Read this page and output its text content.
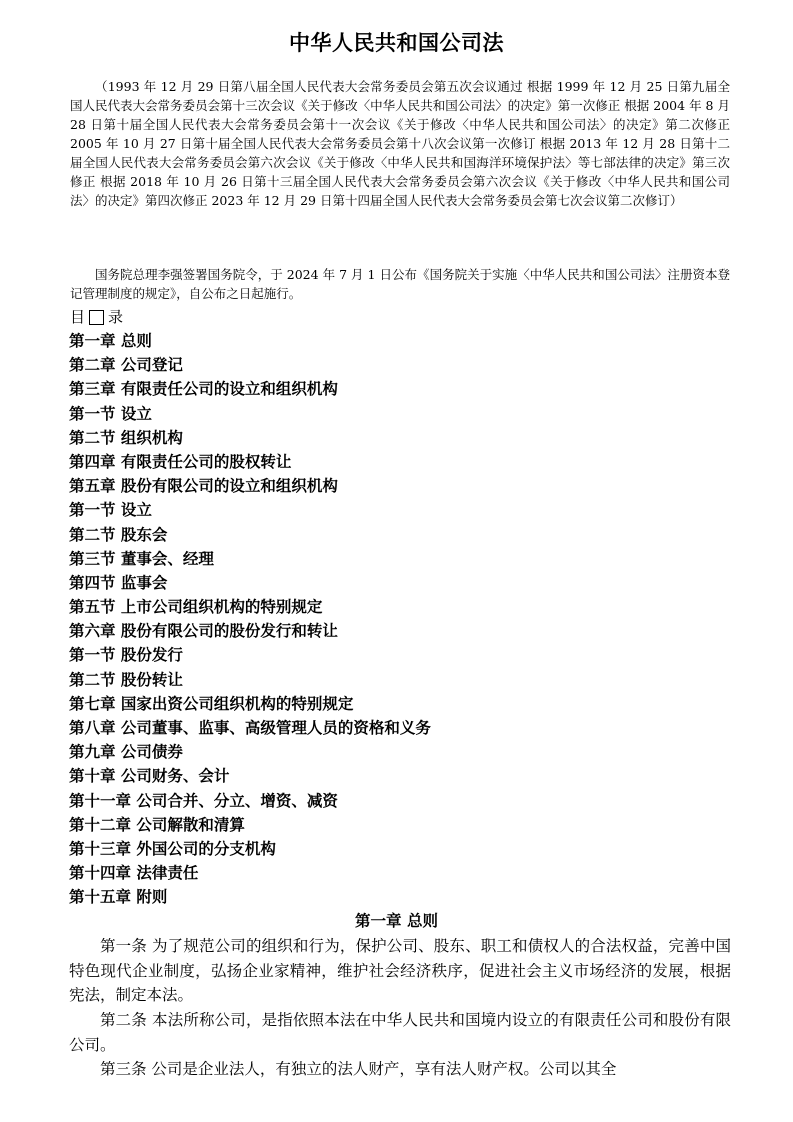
中华人民共和国公司法

（1993 年 12 月 29 日第八届全国人民代表大会常务委员会第五次会议通过 根据 1999 年 12 月 25 日第九届全国人民代表大会常务委员会第十三次会议《关于修改〈中华人民共和国公司法〉的决定》第一次修正 根据 2004 年 8 月 28 日第十届全国人民代表大会常务委员会第十一次会议《关于修改〈中华人民共和国公司法〉的决定》第二次修正 2005 年 10 月 27 日第十届全国人民代表大会常务委员会第十八次会议第一次修订 根据 2013 年 12 月 28 日第十二届全国人民代表大会常务委员会第六次会议《关于修改〈中华人民共和国海洋环境保护法〉等七部法律的决定》第三次修正 根据 2018 年 10 月 26 日第十三届全国人民代表大会常务委员会第六次会议《关于修改〈中华人民共和国公司法〉的决定》第四次修正 2023 年 12 月 29 日第十四届全国人民代表大会常务委员会第七次会议第二次修订）

国务院总理李强签署国务院令，于 2024 年 7 月 1 日公布《国务院关于实施〈中华人民共和国公司法〉注册资本登记管理制度的规定》，自公布之日起施行。

目 录
第一章 总则
第二章 公司登记
第三章 有限责任公司的设立和组织机构
第一节 设立
第二节 组织机构
第四章 有限责任公司的股权转让
第五章 股份有限公司的设立和组织机构
第一节 设立
第二节 股东会
第三节 董事会、经理
第四节 监事会
第五节 上市公司组织机构的特别规定
第六章 股份有限公司的股份发行和转让
第一节 股份发行
第二节 股份转让
第七章 国家出资公司组织机构的特别规定
第八章 公司董事、监事、高级管理人员的资格和义务
第九章 公司债券
第十章 公司财务、会计
第十一章 公司合并、分立、增资、减资
第十二章 公司解散和清算
第十三章 外国公司的分支机构
第十四章 法律责任
第十五章 附则
第一章 总则

第一条 为了规范公司的组织和行为，保护公司、股东、职工和债权人的合法权益，完善中国特色现代企业制度，弘扬企业家精神，维护社会经济秩序，促进社会主义市场经济的发展，根据宪法，制定本法。

第二条 本法所称公司，是指依照本法在中华人民共和国境内设立的有限责任公司和股份有限公司。

第三条 公司是企业法人，有独立的法人财产，享有法人财产权。公司以其全
